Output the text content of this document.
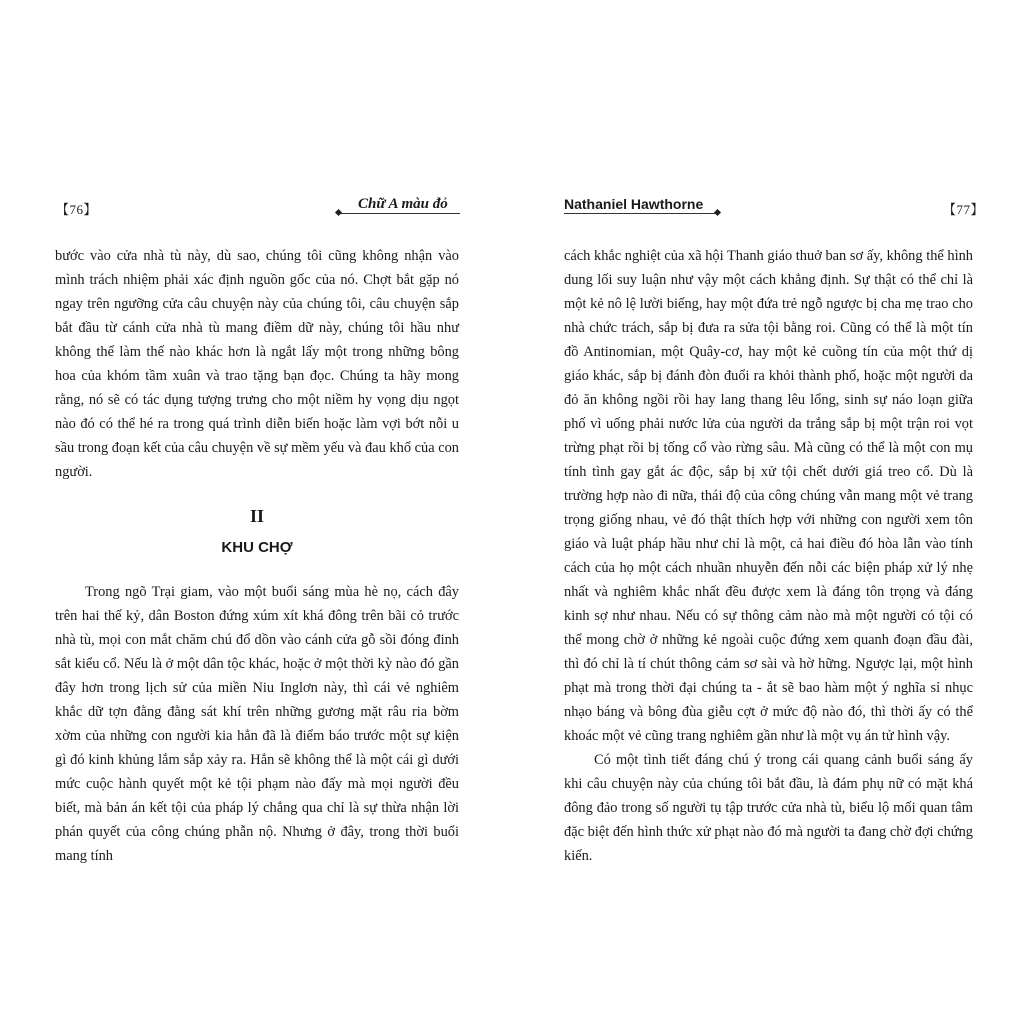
【76】	Chữ A màu đỏ

bước vào cửa nhà tù này, dù sao, chúng tôi cũng không nhận vào mình trách nhiệm phải xác định nguồn gốc của nó. Chợt bắt gặp nó ngay trên ngưỡng cửa câu chuyện này của chúng tôi, câu chuyện sắp bắt đầu từ cánh cửa nhà tù mang điềm dữ này, chúng tôi hầu như không thể làm thế nào khác hơn là ngắt lấy một trong những bông hoa của khóm tầm xuân và trao tặng bạn đọc. Chúng ta hãy mong rằng, nó sẽ có tác dụng tượng trưng cho một niềm hy vọng dịu ngọt nào đó có thể hé ra trong quá trình diễn biến hoặc làm vợi bớt nỗi u sầu trong đoạn kết của câu chuyện về sự mềm yếu và đau khổ của con người.

II
KHU CHỢ

Trong ngõ Trại giam, vào một buổi sáng mùa hè nọ, cách đây trên hai thế kỷ, dân Boston đứng xúm xít khá đông trên bãi cỏ trước nhà tù, mọi con mắt chăm chú đổ dồn vào cánh cửa gỗ sồi đóng đinh sắt kiểu cổ. Nếu là ở một dân tộc khác, hoặc ở một thời kỳ nào đó gần đây hơn trong lịch sử của miền Niu Inglơn này, thì cái vẻ nghiêm khắc dữ tợn đằng đằng sát khí trên những gương mặt râu ria bờm xờm của những con người kia hẳn đã là điểm báo trước một sự kiện gì đó kinh khủng lắm sắp xảy ra. Hẳn sẽ không thể là một cái gì dưới mức cuộc hành quyết một kẻ tội phạm nào đấy mà mọi người đều biết, mà bản án kết tội của pháp lý chẳng qua chỉ là sự thừa nhận lời phán quyết của công chúng phẫn nộ. Nhưng ở đây, trong thời buổi mang tính

Nathaniel Hawthorne	【77】

cách khắc nghiệt của xã hội Thanh giáo thuở ban sơ ấy, không thể hình dung lối suy luận như vậy một cách khẳng định. Sự thật có thể chỉ là một kẻ nô lệ lười biếng, hay một đứa trẻ ngỗ ngược bị cha mẹ trao cho nhà chức trách, sắp bị đưa ra sửa tội bằng roi. Cũng có thể là một tín đồ Antinomian, một Quây-cơ, hay một kẻ cuồng tín của một thứ dị giáo khác, sắp bị đánh đòn đuổi ra khỏi thành phố, hoặc một người da đỏ ăn không ngồi rồi hay lang thang lêu lổng, sinh sự náo loạn giữa phố vì uống phải nước lửa của người da trắng sắp bị một trận roi vọt trừng phạt rồi bị tống cổ vào rừng sâu. Mà cũng có thể là một con mụ tính tình gay gắt ác độc, sắp bị xử tội chết dưới giá treo cổ. Dù là trường hợp nào đi nữa, thái độ của công chúng vẫn mang một vẻ trang trọng giống nhau, vẻ đó thật thích hợp với những con người xem tôn giáo và luật pháp hầu như chỉ là một, cả hai điều đó hòa lẫn vào tính cách của họ một cách nhuần nhuyễn đến nỗi các biện pháp xử lý nhẹ nhất và nghiêm khắc nhất đều được xem là đáng tôn trọng và đáng kinh sợ như nhau. Nếu có sự thông cảm nào mà một người có tội có thể mong chờ ở những kẻ ngoài cuộc đứng xem quanh đoạn đầu đài, thì đó chỉ là tí chút thông cảm sơ sài và hờ hững. Ngược lại, một hình phạt mà trong thời đại chúng ta - ắt sẽ bao hàm một ý nghĩa sỉ nhục nhạo báng và bông đùa giễu cợt ở mức độ nào đó, thì thời ấy có thể khoác một vẻ cũng trang nghiêm gần như là một vụ án tử hình vậy.

Có một tình tiết đáng chú ý trong cái quang cảnh buổi sáng ấy khi câu chuyện này của chúng tôi bắt đầu, là đám phụ nữ có mặt khá đông đảo trong số người tụ tập trước cửa nhà tù, biểu lộ mối quan tâm đặc biệt đến hình thức xử phạt nào đó mà người ta đang chờ đợi chứng kiến.
